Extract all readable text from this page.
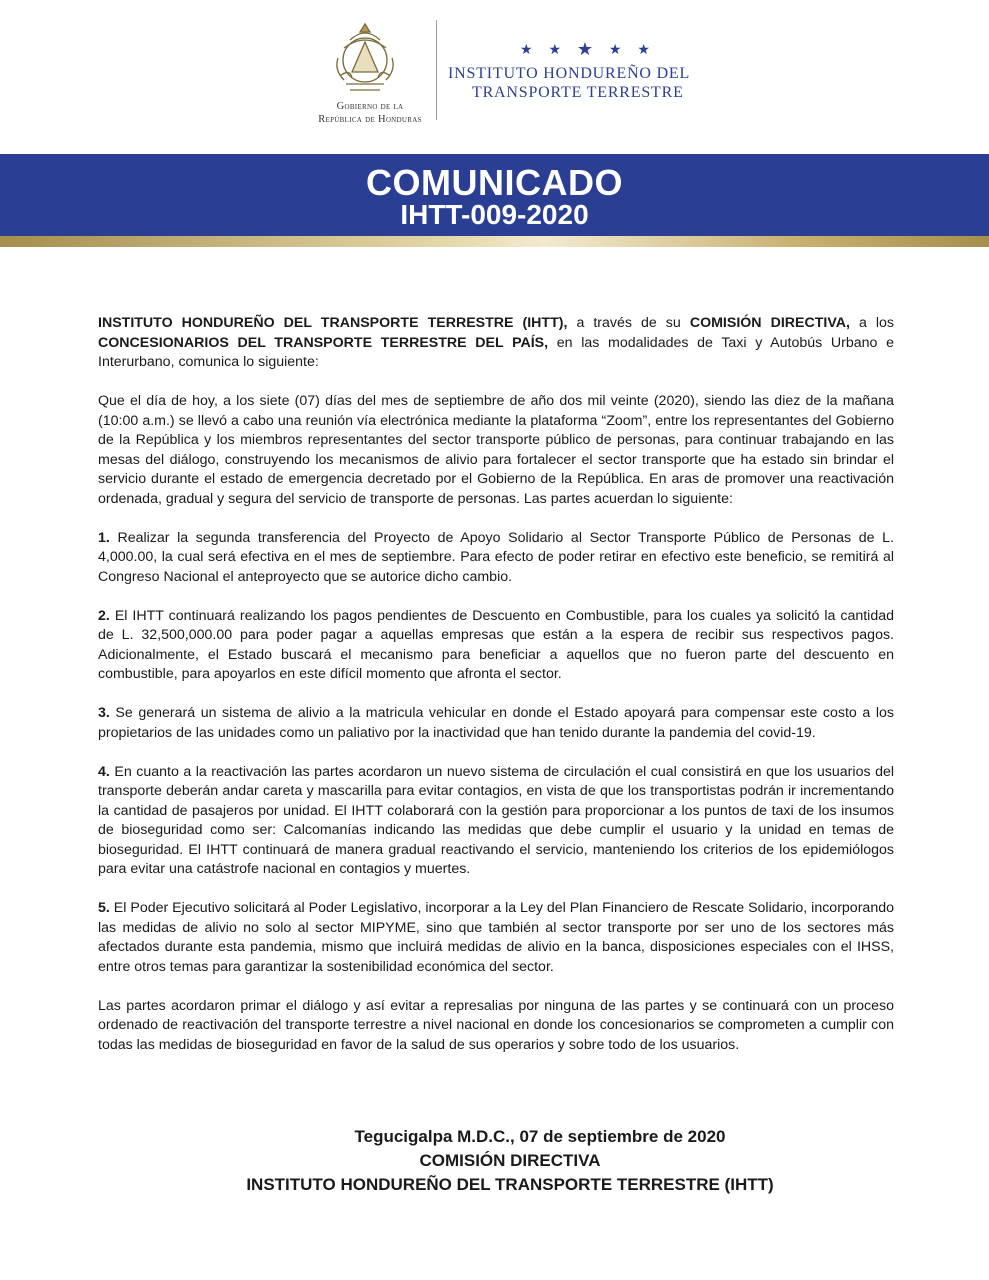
Gobierno de la
República de Honduras
★ ★ ★ ★ ★
INSTITUTO HONDUREÑO DEL
TRANSPORTE TERRESTRE
COMUNICADO
IHTT-009-2020

INSTITUTO HONDUREÑO DEL TRANSPORTE TERRESTRE (IHTT), a través de su COMISIÓN DIRECTIVA, a los CONCESIONARIOS DEL TRANSPORTE TERRESTRE DEL PAÍS, en las modalidades de Taxi y Autobús Urbano e Interurbano, comunica lo siguiente:

Que el día de hoy, a los siete (07) días del mes de septiembre de año dos mil veinte (2020), siendo las diez de la mañana (10:00 a.m.) se llevó a cabo una reunión vía electrónica mediante la plataforma “Zoom”, entre los representantes del Gobierno de la República y los miembros representantes del sector transporte público de personas, para continuar trabajando en las mesas del diálogo, construyendo los mecanismos de alivio para fortalecer el sector transporte que ha estado sin brindar el servicio durante el estado de emergencia decretado por el Gobierno de la República. En aras de promover una reactivación ordenada, gradual y segura del servicio de transporte de personas. Las partes acuerdan lo siguiente:

1. Realizar la segunda transferencia del Proyecto de Apoyo Solidario al Sector Transporte Público de Personas de L. 4,000.00, la cual será efectiva en el mes de septiembre. Para efecto de poder retirar en efectivo este beneficio, se remitirá al Congreso Nacional el anteproyecto que se autorice dicho cambio.

2. El IHTT continuará realizando los pagos pendientes de Descuento en Combustible, para los cuales ya solicitó la cantidad de L. 32,500,000.00 para poder pagar a aquellas empresas que están a la espera de recibir sus respectivos pagos. Adicionalmente, el Estado buscará el mecanismo para beneficiar a aquellos que no fueron parte del descuento en combustible, para apoyarlos en este difícil momento que afronta el sector.

3. Se generará un sistema de alivio a la matricula vehicular en donde el Estado apoyará para compensar este costo a los propietarios de las unidades como un paliativo por la inactividad que han tenido durante la pandemia del covid-19.

4. En cuanto a la reactivación las partes acordaron un nuevo sistema de circulación el cual consistirá en que los usuarios del transporte deberán andar careta y mascarilla para evitar contagios, en vista de que los transportistas podrán ir incrementando la cantidad de pasajeros por unidad. El IHTT colaborará con la gestión para proporcionar a los puntos de taxi de los insumos de bioseguridad como ser: Calcomanías indicando las medidas que debe cumplir el usuario y la unidad en temas de bioseguridad. El IHTT continuará de manera gradual reactivando el servicio, manteniendo los criterios de los epidemiólogos para evitar una catástrofe nacional en contagios y muertes.

5. El Poder Ejecutivo solicitará al Poder Legislativo, incorporar a la Ley del Plan Financiero de Rescate Solidario, incorporando las medidas de alivio no solo al sector MIPYME, sino que también al sector transporte por ser uno de los sectores más afectados durante esta pandemia, mismo que incluirá medidas de alivio en la banca, disposiciones especiales con el IHSS, entre otros temas para garantizar la sostenibilidad económica del sector.

Las partes acordaron primar el diálogo y así evitar a represalias por ninguna de las partes y se continuará con un proceso ordenado de reactivación del transporte terrestre a nivel nacional en donde los concesionarios se comprometen a cumplir con todas las medidas de bioseguridad en favor de la salud de sus operarios y sobre todo de los usuarios.

Tegucigalpa M.D.C., 07 de septiembre de 2020
COMISIÓN DIRECTIVA
INSTITUTO HONDUREÑO DEL TRANSPORTE TERRESTRE (IHTT)
